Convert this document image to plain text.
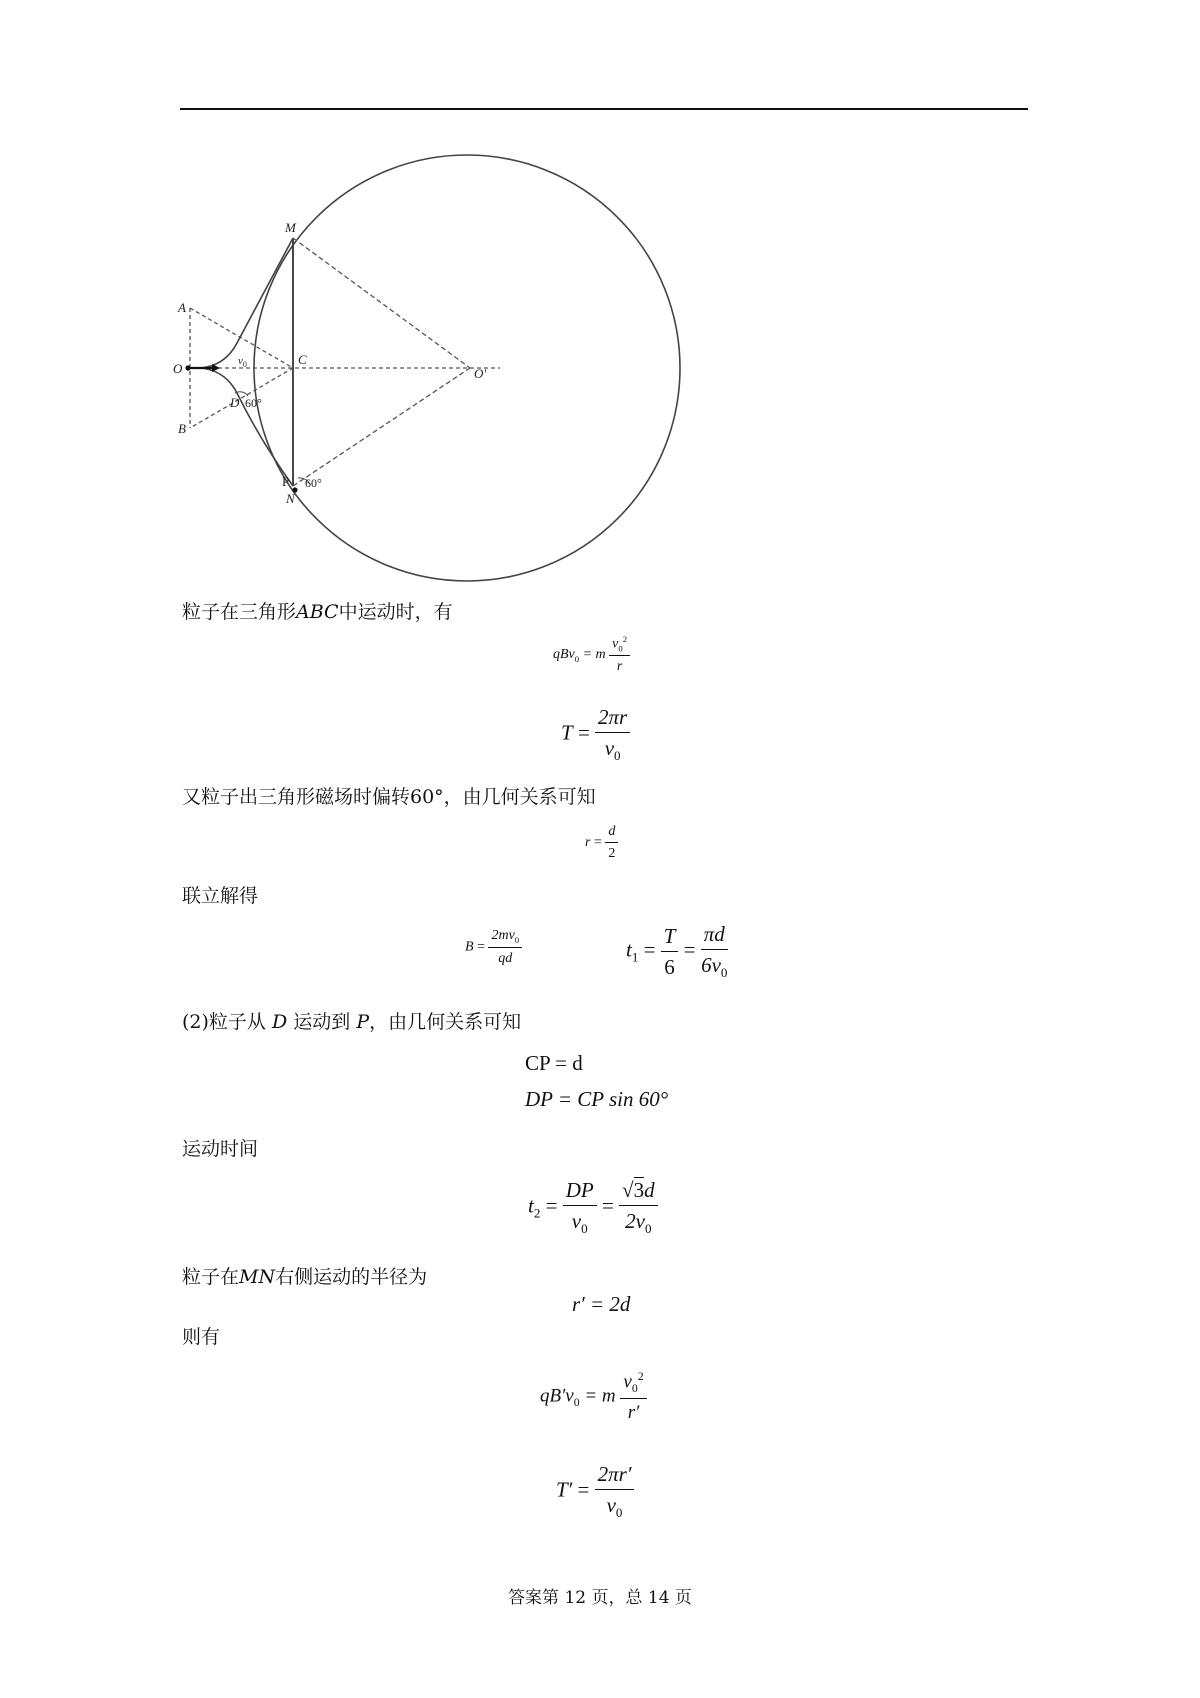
M
A
O
C
O'
B
D
P
N
$v_0$
60°
60°
粒子在三角形ABC中运动时，有
qBv$_0$ = m $\frac{v_0^2}{r}$
$T = \frac{2\pi r}{v_0}$
又粒子出三角形磁场时偏转60°，由几何关系可知
$r = \frac{d}{2}$
联立解得
$B = \frac{2mv_0}{qd}$	$t_1 = \frac{T}{6} = \frac{\pi d}{6v_0}$
(2)粒子从 D 运动到 P，由几何关系可知
CP = d
DP = CP sin 60°
运动时间
$t_2 = \frac{DP}{v_0} = \frac{√3d}{2v_0}$
粒子在MN右侧运动的半径为
r′ = 2d
则有
$qB'v_0 = m \frac{v_0^2}{r'}$
$T' = \frac{2\pi r'}{v_0}$
答案第 12 页，总 14 页
